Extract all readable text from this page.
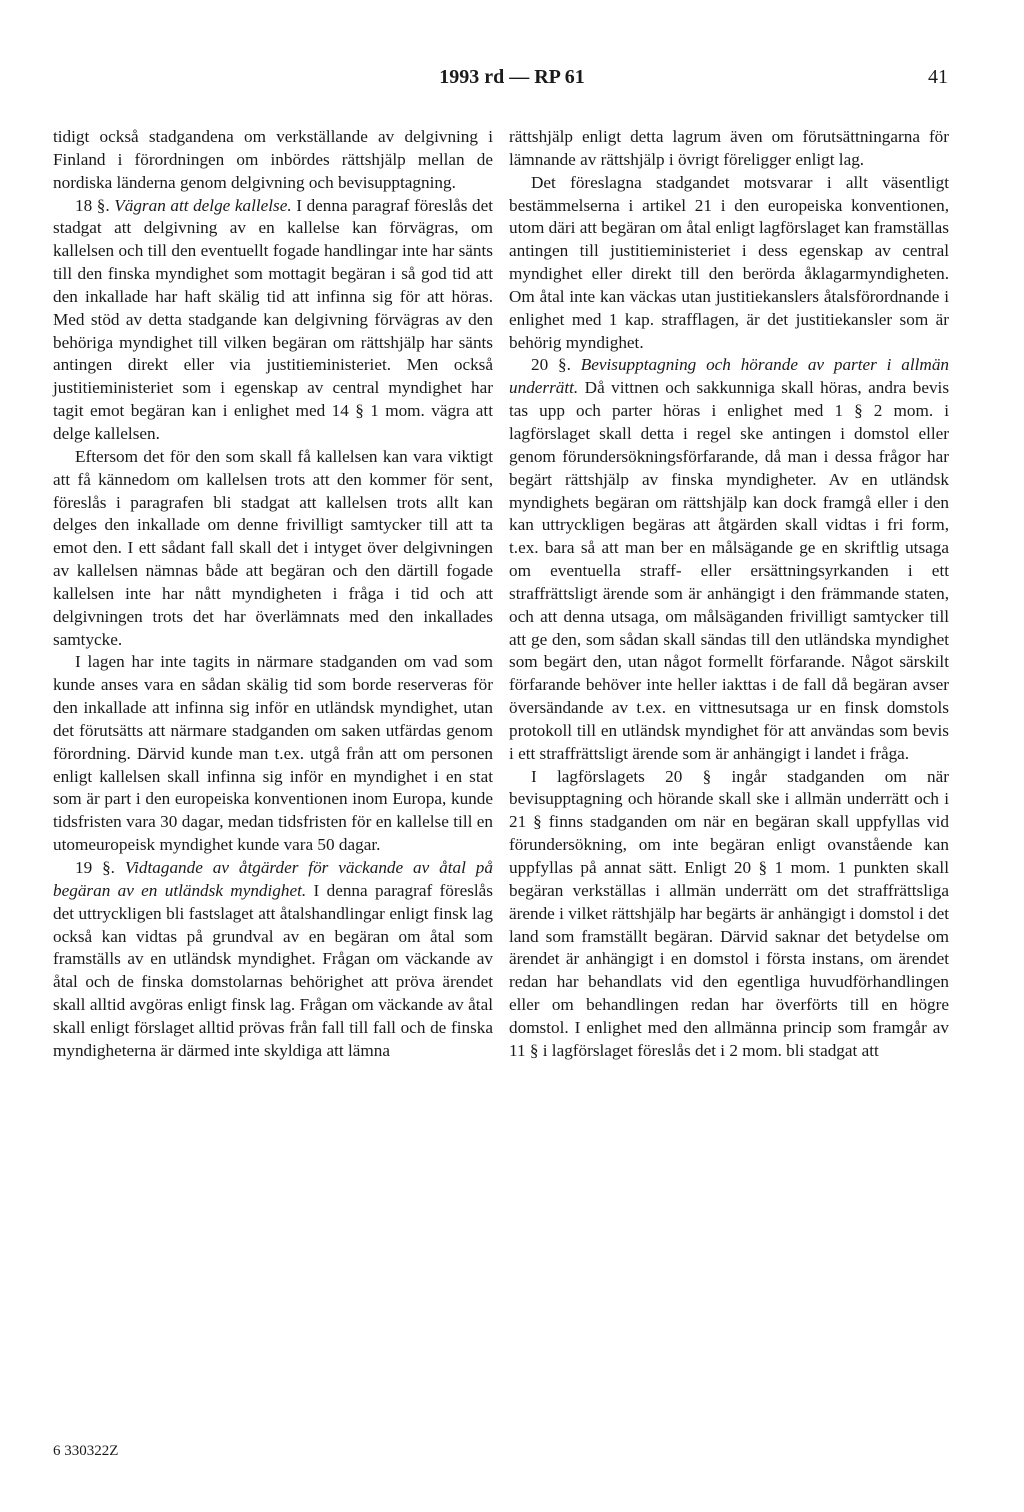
1993 rd — RP 61	41

tidigt också stadgandena om verkställande av delgivning i Finland i förordningen om inbördes rättshjälp mellan de nordiska länderna genom delgivning och bevisupptagning.

18 §. Vägran att delge kallelse. I denna paragraf föreslås det stadgat att delgivning av en kallelse kan förvägras, om kallelsen och till den eventuellt fogade handlingar inte har sänts till den finska myndighet som mottagit begäran i så god tid att den inkallade har haft skälig tid att infinna sig för att höras. Med stöd av detta stadgande kan delgivning förvägras av den behöriga myndighet till vilken begäran om rättshjälp har sänts antingen direkt eller via justitieministeriet. Men också justitieministeriet som i egenskap av central myndighet har tagit emot begäran kan i enlighet med 14 § 1 mom. vägra att delge kallelsen.

Eftersom det för den som skall få kallelsen kan vara viktigt att få kännedom om kallelsen trots att den kommer för sent, föreslås i paragrafen bli stadgat att kallelsen trots allt kan delges den inkallade om denne frivilligt samtycker till att ta emot den. I ett sådant fall skall det i intyget över delgivningen av kallelsen nämnas både att begäran och den därtill fogade kallelsen inte har nått myndigheten i fråga i tid och att delgivningen trots det har överlämnats med den inkallades samtycke.

I lagen har inte tagits in närmare stadganden om vad som kunde anses vara en sådan skälig tid som borde reserveras för den inkallade att infinna sig inför en utländsk myndighet, utan det förutsätts att närmare stadganden om saken utfärdas genom förordning. Därvid kunde man t.ex. utgå från att om personen enligt kallelsen skall infinna sig inför en myndighet i en stat som är part i den europeiska konventionen inom Europa, kunde tidsfristen vara 30 dagar, medan tidsfristen för en kallelse till en utomeuropeisk myndighet kunde vara 50 dagar.

19 §. Vidtagande av åtgärder för väckande av åtal på begäran av en utländsk myndighet. I denna paragraf föreslås det uttryckligen bli fastslaget att åtalshandlingar enligt finsk lag också kan vidtas på grundval av en begäran om åtal som framställs av en utländsk myndighet. Frågan om väckande av åtal och de finska domstolarnas behörighet att pröva ärendet skall alltid avgöras enligt finsk lag. Frågan om väckande av åtal skall enligt förslaget alltid prövas från fall till fall och de finska myndigheterna är därmed inte skyldiga att lämna

rättshjälp enligt detta lagrum även om förutsättningarna för lämnande av rättshjälp i övrigt föreligger enligt lag.

Det föreslagna stadgandet motsvarar i allt väsentligt bestämmelserna i artikel 21 i den europeiska konventionen, utom däri att begäran om åtal enligt lagförslaget kan framställas antingen till justitieministeriet i dess egenskap av central myndighet eller direkt till den berörda åklagarmyndigheten. Om åtal inte kan väckas utan justitiekanslers åtalsförordnande i enlighet med 1 kap. strafflagen, är det justitiekansler som är behörig myndighet.

20 §. Bevisupptagning och hörande av parter i allmän underrätt. Då vittnen och sakkunniga skall höras, andra bevis tas upp och parter höras i enlighet med 1 § 2 mom. i lagförslaget skall detta i regel ske antingen i domstol eller genom förundersökningsförfarande, då man i dessa frågor har begärt rättshjälp av finska myndigheter. Av en utländsk myndighets begäran om rättshjälp kan dock framgå eller i den kan uttryckligen begäras att åtgärden skall vidtas i fri form, t.ex. bara så att man ber en målsägande ge en skriftlig utsaga om eventuella straff- eller ersättningsyrkanden i ett straffrättsligt ärende som är anhängigt i den främmande staten, och att denna utsaga, om målsäganden frivilligt samtycker till att ge den, som sådan skall sändas till den utländska myndighet som begärt den, utan något formellt förfarande. Något särskilt förfarande behöver inte heller iakttas i de fall då begäran avser översändande av t.ex. en vittnesutsaga ur en finsk domstols protokoll till en utländsk myndighet för att användas som bevis i ett straffrättsligt ärende som är anhängigt i landet i fråga.

I lagförslagets 20 § ingår stadganden om när bevisupptagning och hörande skall ske i allmän underrätt och i 21 § finns stadganden om när en begäran skall uppfyllas vid förundersökning, om inte begäran enligt ovanstående kan uppfyllas på annat sätt. Enligt 20 § 1 mom. 1 punkten skall begäran verkställas i allmän underrätt om det straffrättsliga ärende i vilket rättshjälp har begärts är anhängigt i domstol i det land som framställt begäran. Därvid saknar det betydelse om ärendet är anhängigt i en domstol i första instans, om ärendet redan har behandlats vid den egentliga huvudförhandlingen eller om behandlingen redan har överförts till en högre domstol. I enlighet med den allmänna princip som framgår av 11 § i lagförslaget föreslås det i 2 mom. bli stadgat att

6 330322Z
